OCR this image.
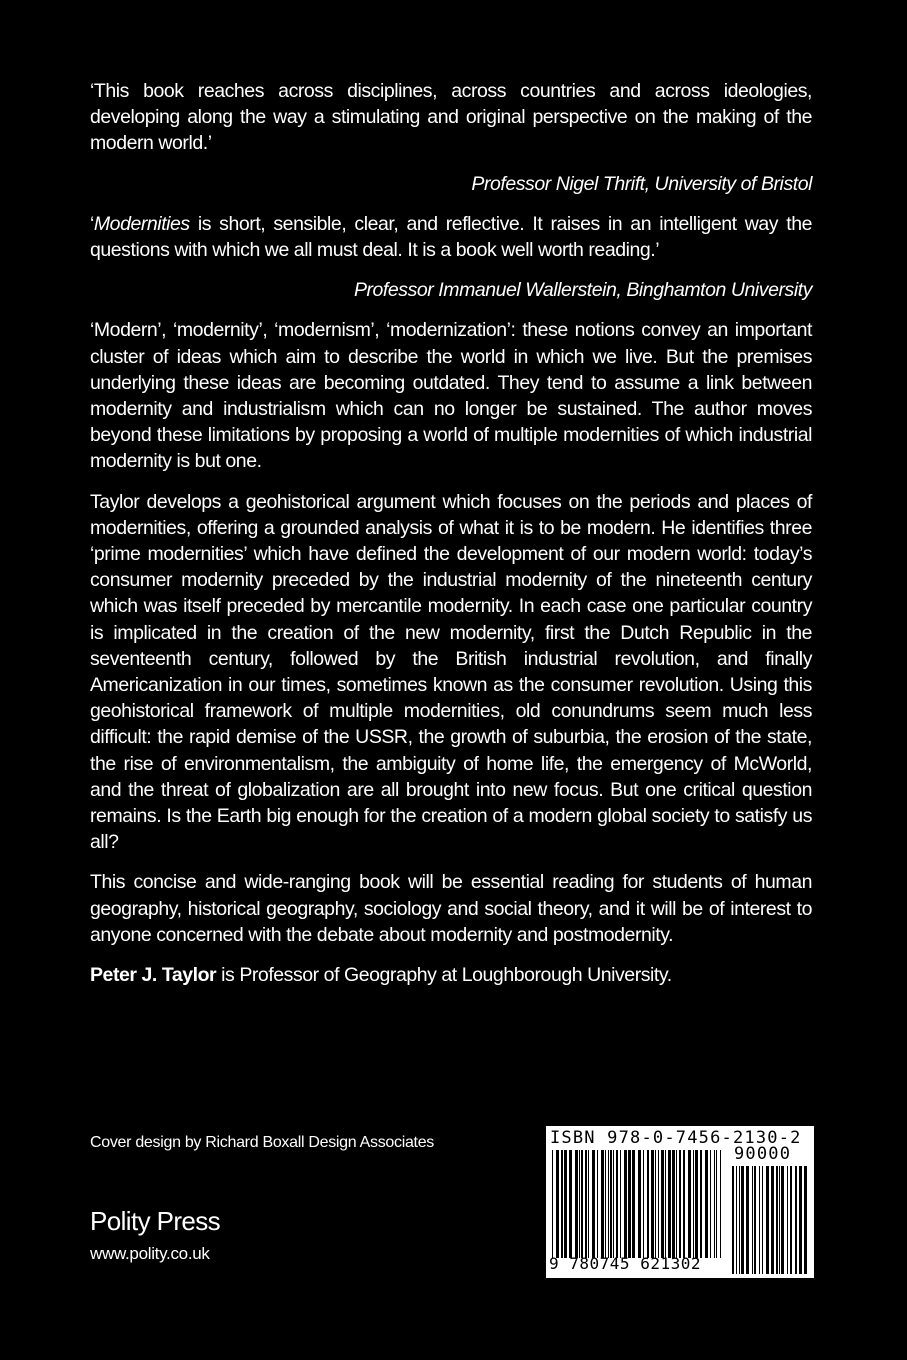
‘This book reaches across disciplines, across countries and across ideologies, developing along the way a stimulating and original perspective on the making of the modern world.’

Professor Nigel Thrift, University of Bristol

‘Modernities is short, sensible, clear, and reflective. It raises in an intelligent way the questions with which we all must deal. It is a book well worth reading.’

Professor Immanuel Wallerstein, Binghamton University

‘Modern’, ‘modernity’, ‘modernism’, ‘modernization’: these notions convey an important cluster of ideas which aim to describe the world in which we live. But the premises underlying these ideas are becoming outdated. They tend to assume a link between modernity and industrialism which can no longer be sustained. The author moves beyond these limitations by proposing a world of multiple modernities of which industrial modernity is but one.

Taylor develops a geohistorical argument which focuses on the periods and places of modernities, offering a grounded analysis of what it is to be modern. He identifies three ‘prime modernities’ which have defined the development of our modern world: today’s consumer modernity preceded by the industrial modernity of the nineteenth century which was itself preceded by mercantile modernity. In each case one particular country is implicated in the creation of the new modernity, first the Dutch Republic in the seventeenth century, followed by the British industrial revolution, and finally Americanization in our times, sometimes known as the consumer revolution. Using this geohistorical framework of multiple modernities, old conundrums seem much less difficult: the rapid demise of the USSR, the growth of suburbia, the erosion of the state, the rise of environmentalism, the ambiguity of home life, the emergency of McWorld, and the threat of globalization are all brought into new focus. But one critical question remains. Is the Earth big enough for the creation of a modern global society to satisfy us all?

This concise and wide-ranging book will be essential reading for students of human geography, historical geography, sociology and social theory, and it will be of interest to anyone concerned with the debate about modernity and postmodernity.

Peter J. Taylor is Professor of Geography at Loughborough University.

Cover design by Richard Boxall Design Associates
Polity Press
www.polity.co.uk
ISBN 978-0-7456-2130-2
90000
9 780745 621302
